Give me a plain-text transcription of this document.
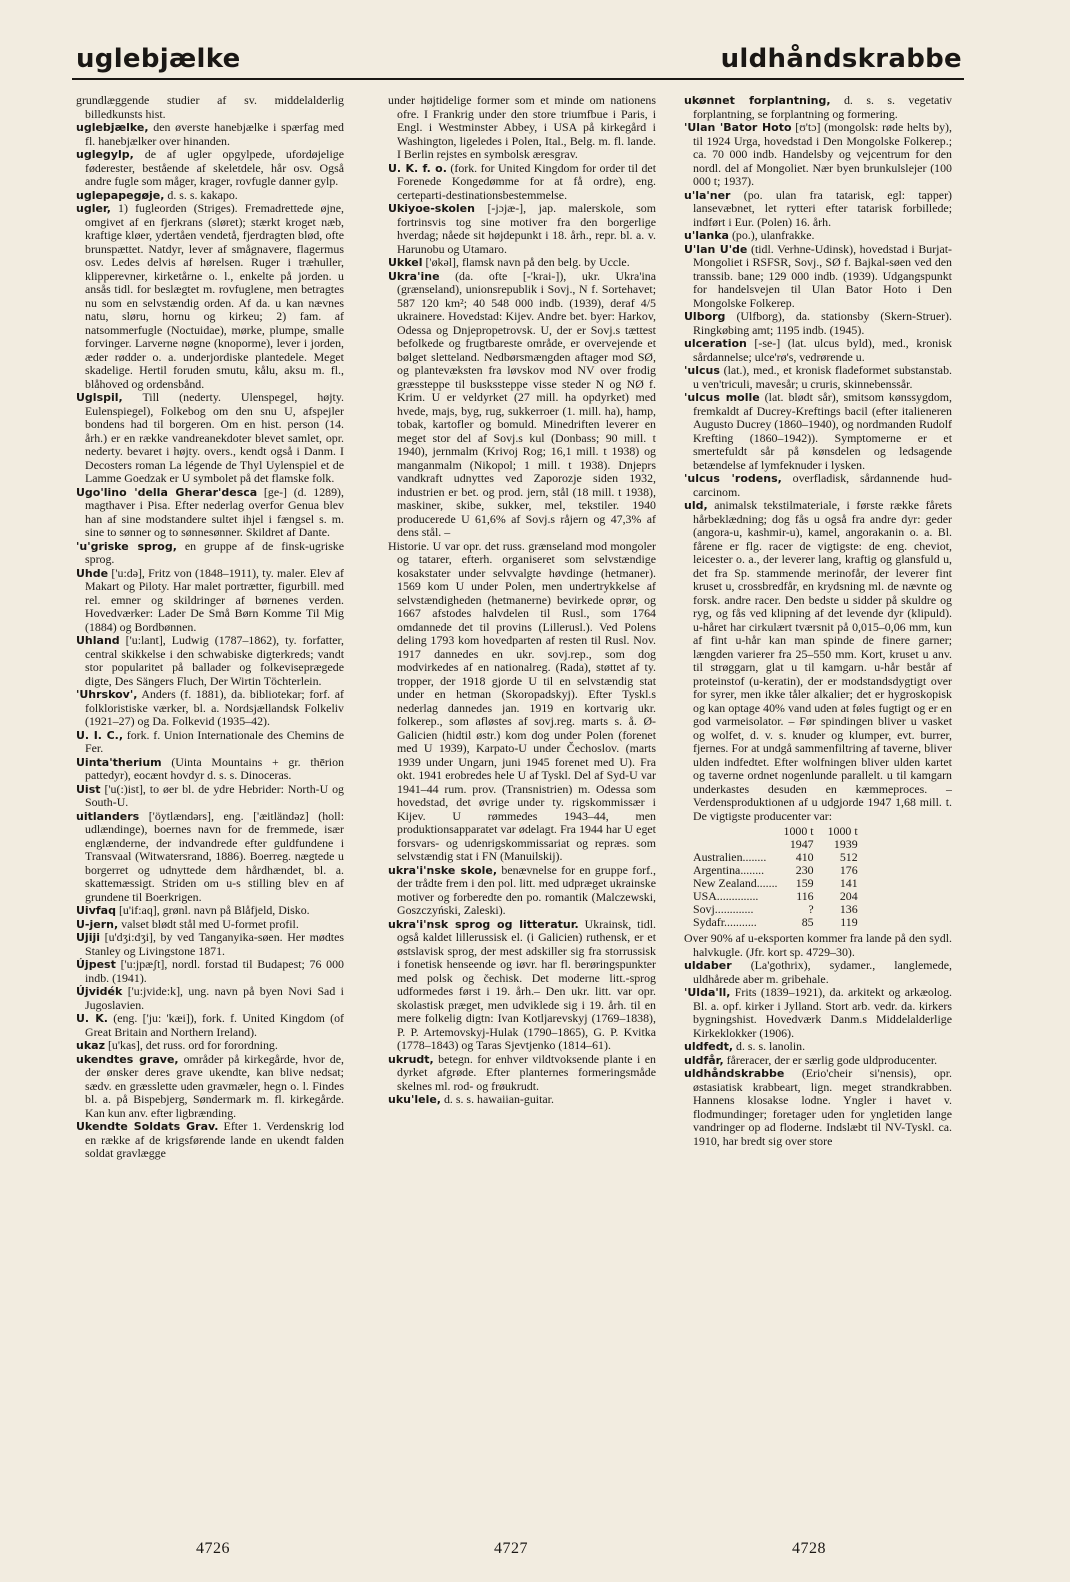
uglebjælke	uldhåndskrabbe

grundlæggende studier af sv. middelalderlig billedkunsts hist.

uglebjælke, den øverste hanebjælke i spærfag med fl. hanebjælker over hinanden.

uglegylp, de af ugler opgylpede, ufordøjelige føderester, bestående af skeletdele, hår osv. Også andre fugle som måger, krager, rovfugle danner gylp.

uglepapegøje, d. s. s. kakapo.

ugler, 1) fugleorden (Striges). Fremadrettede øjne, omgivet af en fjerkrans (sløret); stærkt kroget næb, kraftige kløer, ydertåen vendetå, fjerdragten blød, ofte brunspættet. Natdyr, lever af smågnavere, flagermus osv. Ledes delvis af hørelsen. Ruger i træhuller, klipperevner, kirketårne o. l., enkelte på jorden. u ansås tidl. for beslægtet m. rovfuglene, men betragtes nu som en selvstændig orden. Af da. u kan nævnes natu, sløru, hornu og kirkeu; 2) fam. af natsommerfugle (Noctuidae), mørke, plumpe, smalle forvinger. Larverne nøgne (knoporme), lever i jorden, æder rødder o. a. underjordiske plantedele. Meget skadelige. Hertil foruden smutu, kålu, aksu m. fl., blåhoved og ordensbånd.

Uglspil, Till (nederty. Ulenspegel, højty. Eulenspiegel), Folkebog om den snu U, afspejler bondens had til borgeren. Om en hist. person (14. årh.) er en række vandreanekdoter blevet samlet, opr. nederty. bevaret i højty. overs., kendt også i Danm. I Decosters roman La légende de Thyl Uylenspiel et de Lamme Goedzak er U symbolet på det flamske folk.

Ugo'lino 'della Gherar'desca [ge-] (d. 1289), magthaver i Pisa. Efter nederlag overfor Genua blev han af sine modstandere sultet ihjel i fængsel s. m. sine to sønner og to sønnesønner. Skildret af Dante.

'u'griske sprog, en gruppe af de finsk-ugriske sprog.

Uhde ['u:də], Fritz von (1848–1911), ty. maler. Elev af Makart og Piloty. Har malet portrætter, figurbill. med rel. emner og skildringer af børnenes verden. Hovedværker: Lader De Små Børn Komme Til Mig (1884) og Bordbønnen.

Uhland ['u:lant], Ludwig (1787–1862), ty. forfatter, central skikkelse i den schwabiske digterkreds; vandt stor popularitet på ballader og folkeviseprægede digte, Des Sängers Fluch, Der Wirtin Töchterlein.

'Uhrskov', Anders (f. 1881), da. bibliotekar; forf. af folkloristiske værker, bl. a. Nordsjællandsk Folkeliv (1921–27) og Da. Folkevid (1935–42).

U. I. C., fork. f. Union Internationale des Chemins de Fer.

Uinta'therium (Uinta Mountains + gr. thērion pattedyr), eocænt hovdyr d. s. s. Dinoceras.

Uist ['u(:)ist], to øer bl. de ydre Hebrider: North-U og South-U.

uitlanders ['öytlændərs], eng. ['æitländəz] (holl: udlændinge), boernes navn for de fremmede, især englænderne, der indvandrede efter guldfundene i Transvaal (Witwatersrand, 1886). Boerreg. nægtede u borgerret og udnyttede dem hårdhændet, bl. a. skattemæssigt. Striden om u-s stilling blev en af grundene til Boerkrigen.

Uivfaq [u'if:aq], grønl. navn på Blåfjeld, Disko.

U-jern, valset blødt stål med U-formet profil.

Ujiji [u'dʒi:dʒi], by ved Tanganyika-søen. Her mødtes Stanley og Livingstone 1871.

Újpest ['u:jpæʃt], nordl. forstad til Budapest; 76 000 indb. (1941).

Újvidék ['u:jvide:k], ung. navn på byen Novi Sad i Jugoslavien.

U. K. (eng. ['ju: 'kæi]), fork. f. United Kingdom (of Great Britain and Northern Ireland).

ukaz [u'kas], det russ. ord for forordning.

ukendtes grave, områder på kirkegårde, hvor de, der ønsker deres grave ukendte, kan blive nedsat; sædv. en græsslette uden gravmæler, hegn o. l. Findes bl. a. på Bispebjerg, Søndermark m. fl. kirkegårde. Kan kun anv. efter ligbrænding.

Ukendte Soldats Grav. Efter 1. Verdenskrig lod en række af de krigsførende lande en ukendt falden soldat gravlægge

under højtidelige former som et minde om nationens ofre. I Frankrig under den store triumfbue i Paris, i Engl. i Westminster Abbey, i USA på kirkegård i Washington, ligeledes i Polen, Ital., Belg. m. fl. lande. I Berlin rejstes en symbolsk æresgrav.

U. K. f. o. (fork. for United Kingdom for order til det Forenede Kongedømme for at få ordre), eng. certeparti-destinationsbestemmelse.

Ukiyoe-skolen [-jɔjæ-], jap. malerskole, som fortrinsvis tog sine motiver fra den borgerlige hverdag; nåede sit højdepunkt i 18. årh., repr. bl. a. v. Harunobu og Utamaro.

Ukkel ['økəl], flamsk navn på den belg. by Uccle.

Ukra'ine (da. ofte [-'krai-]), ukr. Ukra'ina (grænseland), unionsrepublik i Sovj., N f. Sortehavet; 587 120 km²; 40 548 000 indb. (1939), deraf 4/5 ukrainere. Hovedstad: Kijev. Andre bet. byer: Harkov, Odessa og Dnjepropetrovsk. U, der er Sovj.s tættest befolkede og frugtbareste område, er overvejende et bølget sletteland. Nedbørsmængden aftager mod SØ, og plantevæksten fra løvskov mod NV over frodig græssteppe til buskssteppe visse steder N og NØ f. Krim. U er veldyrket (27 mill. ha opdyrket) med hvede, majs, byg, rug, sukkerroer (1. mill. ha), hamp, tobak, kartofler og bomuld. Minedriften leverer en meget stor del af Sovj.s kul (Donbass; 90 mill. t 1940), jernmalm (Krivoj Rog; 16,1 mill. t 1938) og manganmalm (Nikopol; 1 mill. t 1938). Dnjeprs vandkraft udnyttes ved Zaporozje siden 1932, industrien er bet. og prod. jern, stål (18 mill. t 1938), maskiner, skibe, sukker, mel, tekstiler. 1940 producerede U 61,6% af Sovj.s råjern og 47,3% af dens stål. –

Historie. U var opr. det russ. grænseland mod mongoler og tatarer, efterh. organiseret som selvstændige kosakstater under selvvalgte høvdinge (hetmaner). 1569 kom U under Polen, men undertrykkelse af selvstændigheden (hetmanerne) bevirkede oprør, og 1667 afstodes halvdelen til Rusl., som 1764 omdannede det til provins (Lillerusl.). Ved Polens deling 1793 kom hovedparten af resten til Rusl. Nov. 1917 dannedes en ukr. sovj.rep., som dog modvirkedes af en nationalreg. (Rada), støttet af ty. tropper, der 1918 gjorde U til en selvstændig stat under en hetman (Skoropadskyj). Efter Tyskl.s nederlag dannedes jan. 1919 en kortvarig ukr. folkerep., som afløstes af sovj.reg. marts s. å. Ø-Galicien (hidtil østr.) kom dog under Polen (forenet med U 1939), Karpato-U under Čechoslov. (marts 1939 under Ungarn, juni 1945 forenet med U). Fra okt. 1941 erobredes hele U af Tyskl. Del af Syd-U var 1941–44 rum. prov. (Transnistrien) m. Odessa som hovedstad, det øvrige under ty. rigskommissær i Kijev. U rømmedes 1943–44, men produktionsapparatet var ødelagt. Fra 1944 har U eget forsvars- og udenrigskommissariat og repræs. som selvstændig stat i FN (Manuilskij).

ukra'i'nske skole, benævnelse for en gruppe forf., der trådte frem i den pol. litt. med udpræget ukrainske motiver og forberedte den po. romantik (Malczewski, Goszczyński, Zaleski).

ukra'i'nsk sprog og litteratur. Ukrainsk, tidl. også kaldet lillerussisk el. (i Galicien) ruthensk, er et østslavisk sprog, der mest adskiller sig fra storrussisk i fonetisk henseende og iøvr. har fl. berøringspunkter med polsk og čechisk. Det moderne litt.-sprog udformedes først i 19. årh.– Den ukr. litt. var opr. skolastisk præget, men udviklede sig i 19. årh. til en mere folkelig digtn: Ivan Kotljarevskyj (1769–1838), P. P. Artemovskyj-Hulak (1790–1865), G. P. Kvitka (1778–1843) og Taras Sjevtjenko (1814–61).

ukrudt, betegn. for enhver vildtvoksende plante i en dyrket afgrøde. Efter planternes formeringsmåde skelnes ml. rod- og frøukrudt.

uku'lele, d. s. s. hawaiian-guitar.

ukønnet forplantning, d. s. s. vegetativ forplantning, se forplantning og formering.

'Ulan 'Bator Hoto [ʊ'tɔ] (mongolsk: røde helts by), til 1924 Urga, hovedstad i Den Mongolske Folkerep.; ca. 70 000 indb. Handelsby og vejcentrum for den nordl. del af Mongoliet. Nær byen brunkulslejer (100 000 t; 1937).

u'la'ner (po. ulan fra tatarisk, egl: tapper) lansevæbnet, let rytteri efter tatarisk forbillede; indført i Eur. (Polen) 16. årh.

u'lanka (po.), ulanfrakke.

U'lan U'de (tidl. Verhne-Udinsk), hovedstad i Burjat-Mongoliet i RSFSR, Sovj., SØ f. Bajkal-søen ved den transsib. bane; 129 000 indb. (1939). Udgangspunkt for handelsvejen til Ulan Bator Hoto i Den Mongolske Folkerep.

Ulborg (Ulfborg), da. stationsby (Skern-Struer). Ringkøbing amt; 1195 indb. (1945).

ulceration [-se-] (lat. ulcus byld), med., kronisk sårdannelse; ulce'rø's, vedrørende u.

'ulcus (lat.), med., et kronisk fladeformet substanstab. u ven'triculi, mavesår; u cruris, skinnebenssår.

'ulcus molle (lat. blødt sår), smitsom kønssygdom, fremkaldt af Ducrey-Kreftings bacil (efter italieneren Augusto Ducrey (1860–1940), og nordmanden Rudolf Krefting (1860–1942)). Symptomerne er et smertefuldt sår på kønsdelen og ledsagende betændelse af lymfeknuder i lysken.

'ulcus 'rodens, overfladisk, sårdannende hud-carcinom.

uld, animalsk tekstilmateriale, i første række fårets hårbeklædning; dog fås u også fra andre dyr: geder (angora-u, kashmir-u), kamel, angorakanin o. a. Bl. fårene er flg. racer de vigtigste: de eng. cheviot, leicester o. a., der leverer lang, kraftig og glansfuld u, det fra Sp. stammende merinofår, der leverer fint kruset u, crossbredfår, en krydsning ml. de nævnte og forsk. andre racer. Den bedste u sidder på skuldre og ryg, og fås ved klipning af det levende dyr (klipuld). u-håret har cirkulært tværsnit på 0,015–0,06 mm, kun af fint u-hår kan man spinde de finere garner; længden varierer fra 25–550 mm. Kort, kruset u anv. til strøggarn, glat u til kamgarn. u-hår består af proteinstof (u-keratin), der er modstandsdygtigt over for syrer, men ikke tåler alkalier; det er hygroskopisk og kan optage 40% vand uden at føles fugtigt og er en god varmeisolator. – Før spindingen bliver u vasket og wolfet, d. v. s. knuder og klumper, evt. burrer, fjernes. For at undgå sammenfiltring af taverne, bliver ulden indfedtet. Efter wolfningen bliver ulden kartet og taverne ordnet nogenlunde parallelt. u til kamgarn underkastes desuden en kæmmeproces. – Verdensproduktionen af u udgjorde 1947 1,68 mill. t. De vigtigste producenter var:

	1000 t	1000 t
	1947	1939
Australien........	410	512
Argentina........	230	176
New Zealand.......	159	141
USA..............	116	204
Sovj.............	?	136
Sydafr...........	85	119

Over 90% af u-eksporten kommer fra lande på den sydl. halvkugle. (Jfr. kort sp. 4729–30).

uldaber (La'gothrix), sydamer., langlemede, uldhårede aber m. gribehale.

'Ulda'll, Frits (1839–1921), da. arkitekt og arkæolog. Bl. a. opf. kirker i Jylland. Stort arb. vedr. da. kirkers bygningshist. Hovedværk Danm.s Middelalderlige Kirkeklokker (1906).

uldfedt, d. s. s. lanolin.

uldfår, fåreracer, der er særlig gode uldproducenter.

uldhåndskrabbe (Erio'cheir si'nensis), opr. østasiatisk krabbeart, lign. meget strandkrabben. Hannens klosakse lodne. Yngler i havet v. flodmundinger; foretager uden for yngletiden lange vandringer op ad floderne. Indslæbt til NV-Tyskl. ca. 1910, har bredt sig over store

4726	4727	4728
